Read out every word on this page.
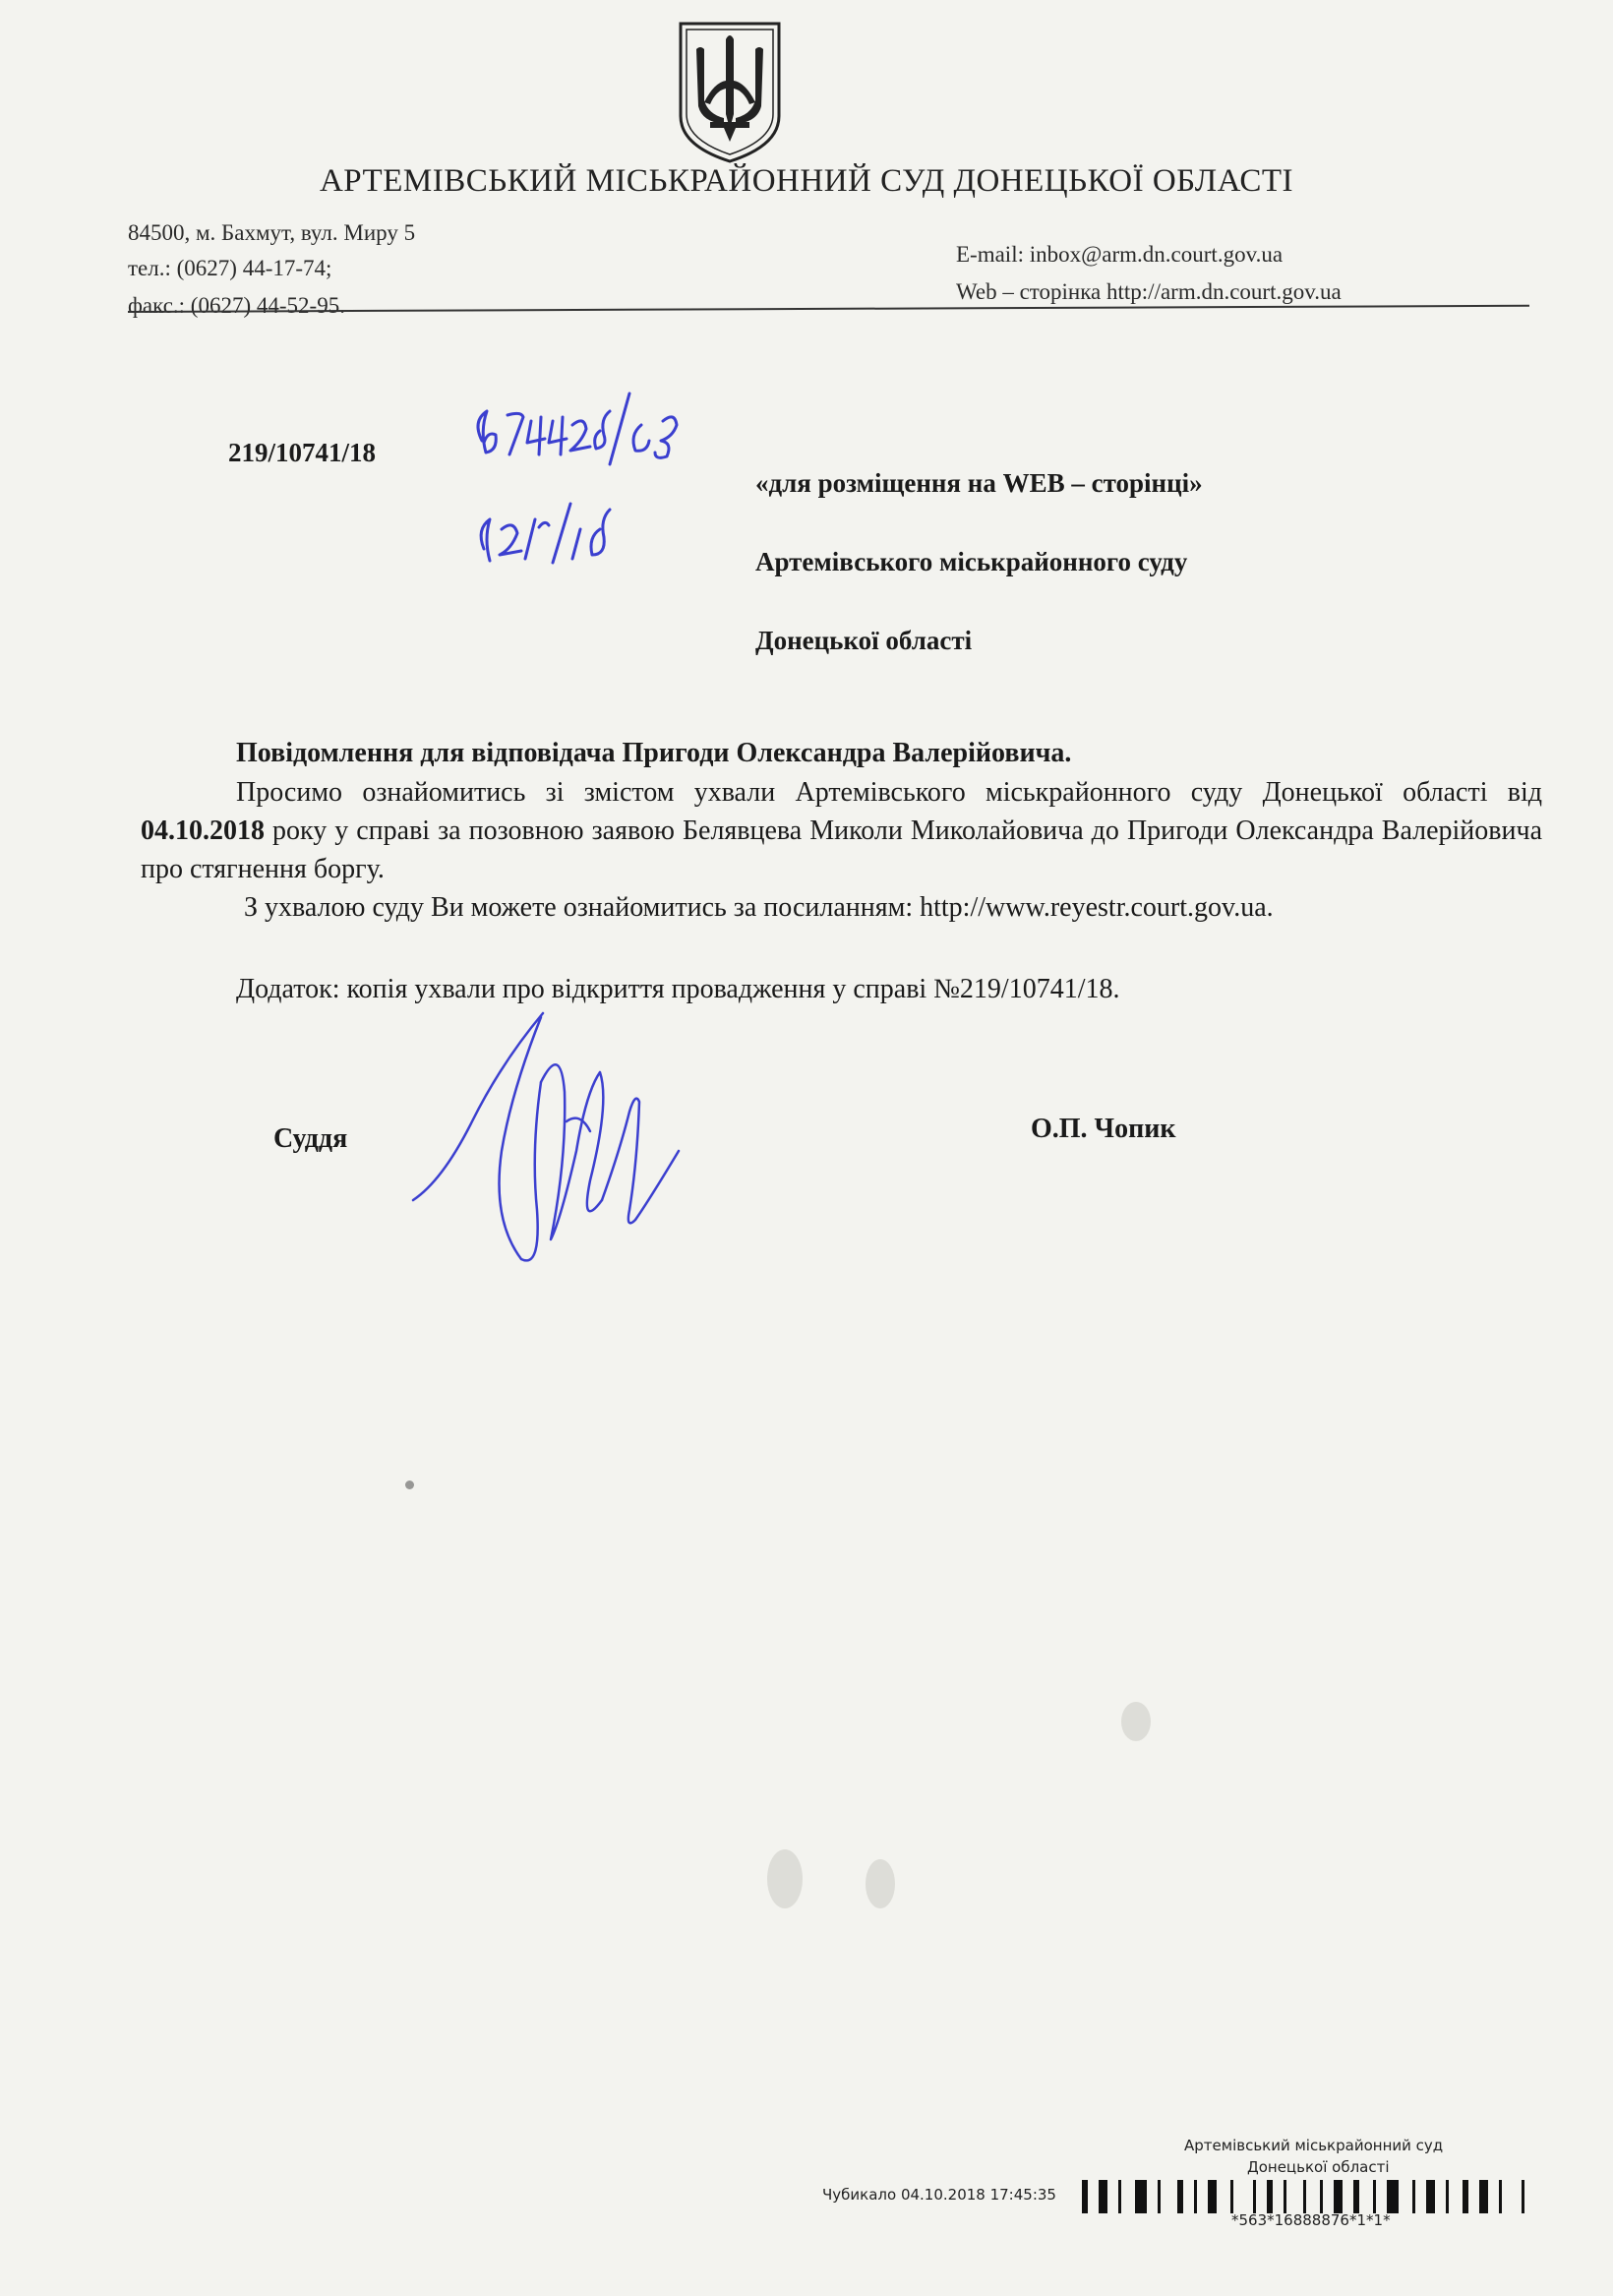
АРТЕМІВСЬКИЙ МІСЬКРАЙОННИЙ СУД ДОНЕЦЬКОЇ ОБЛАСТІ
84500, м. Бахмут, вул. Миру 5
тел.: (0627) 44-17-74;
факс.: (0627) 44-52-95.
E-mail: inbox@arm.dn.court.gov.ua
Web – сторінка http://arm.dn.court.gov.ua
219/10741/18
«для розміщення на WEB – сторінці»
Артемівського міськрайонного суду
Донецької області
Повідомлення для відповідача Пригоди Олександра Валерійовича.

Просимо ознайомитись зі змістом ухвали Артемівського міськрайонного суду Донецької області від 04.10.2018 року у справі за позовною заявою Белявцева Миколи Миколайовича до Пригоди Олександра Валерійовича про стягнення боргу.

З ухвалою суду Ви можете ознайомитись за посиланням: http://www.reyestr.court.gov.ua.

Додаток: копія ухвали про відкриття провадження у справі №219/10741/18.
Суддя	О.П. Чопик
Артемівський міськрайонний суд
Донецької області
Чубикало 04.10.2018 17:45:35
*563*16888876*1*1*
